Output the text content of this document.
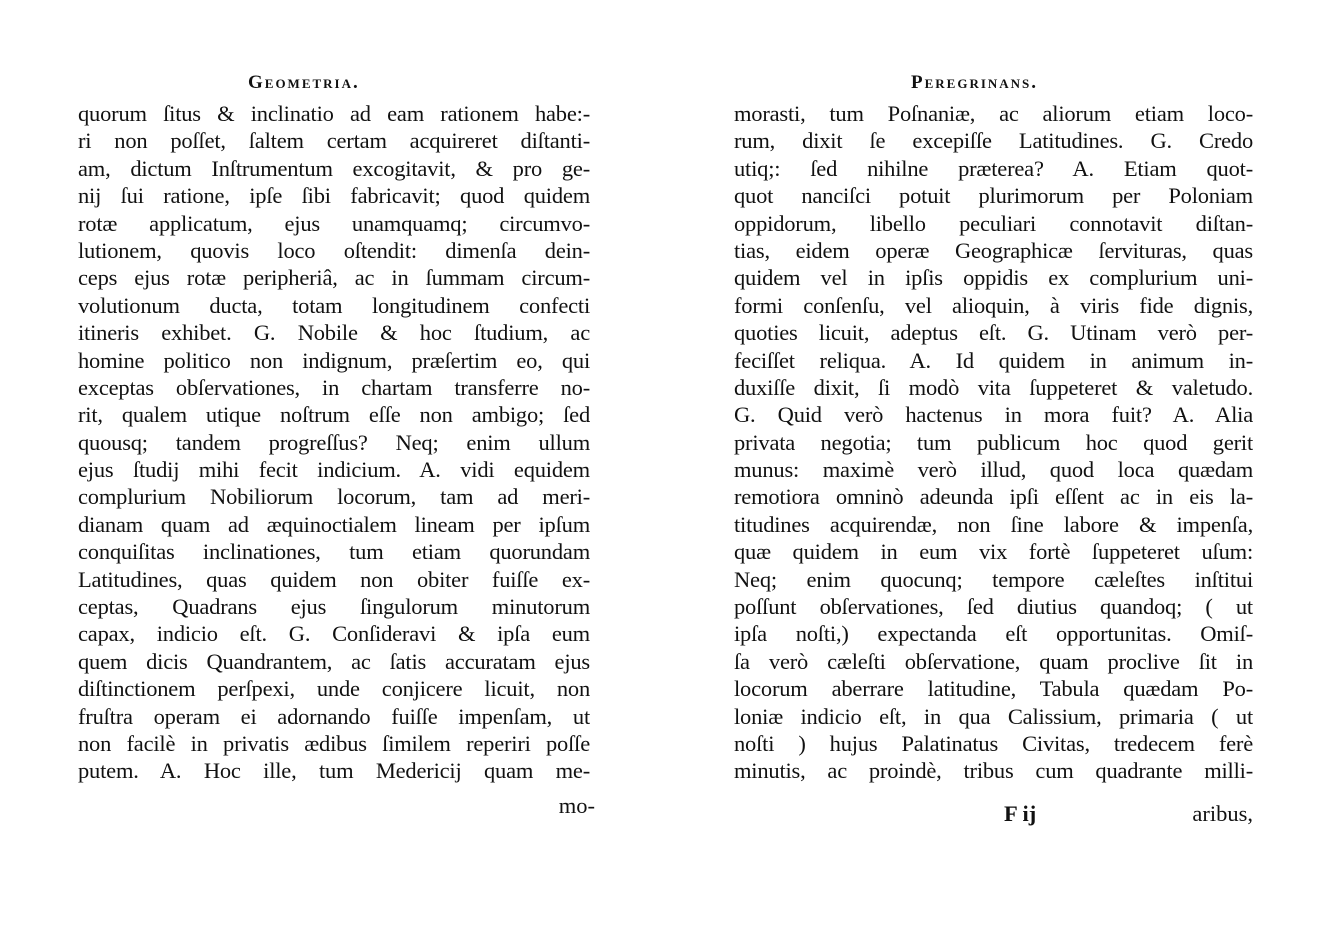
Geometria.
quorum ſitus & inclinatio ad eam rationem habe:-
ri non poſſet, ſaltem certam acquireret diſtanti-
am, dictum Inſtrumentum excogitavit, & pro ge-
nij ſui ratione, ipſe ſibi fabricavit; quod quidem
rotæ applicatum, ejus unamquamq; circumvo-
lutionem, quovis loco oſtendit: dimenſa dein-
ceps ejus rotæ peripheriâ, ac in ſummam circum-
volutionum ducta, totam longitudinem confecti
itineris exhibet. G. Nobile & hoc ſtudium, ac
homine politico non indignum, præſertim eo, qui
exceptas obſervationes, in chartam transferre no-
rit, qualem utique noſtrum eſſe non ambigo; ſed
quousq; tandem progreſſus? Neq; enim ullum
ejus ſtudij mihi fecit indicium. A. vidi equidem
complurium Nobiliorum locorum, tam ad meri-
dianam quam ad æquinoctialem lineam per ipſum
conquiſitas inclinationes, tum etiam quorundam
Latitudines, quas quidem non obiter fuiſſe ex-
ceptas, Quadrans ejus ſingulorum minutorum
capax, indicio eſt. G. Conſideravi & ipſa eum
quem dicis Quandrantem, ac ſatis accuratam ejus
diſtinctionem perſpexi, unde conjicere licuit, non
fruſtra operam ei adornando fuiſſe impenſam, ut
non facilè in privatis ædibus ſimilem reperiri poſſe
putem. A. Hoc ille, tum Medericij quam me-
mo-
Peregrinans.
morasti, tum Poſnaniæ, ac aliorum etiam loco-
rum, dixit ſe excepiſſe Latitudines. G. Credo
utiq;: ſed nihilne præterea? A. Etiam quot-
quot nanciſci potuit plurimorum per Poloniam
oppidorum, libello peculiari connotavit diſtan-
tias, eidem operæ Geographicæ ſervituras, quas
quidem vel in ipſis oppidis ex complurium uni-
formi conſenſu, vel alioquin, à viris fide dignis,
quoties licuit, adeptus eſt. G. Utinam verò per-
feciſſet reliqua. A. Id quidem in animum in-
duxiſſe dixit, ſi modò vita ſuppeteret & valetudo.
G. Quid verò hactenus in mora fuit? A. Alia
privata negotia; tum publicum hoc quod gerit
munus: maximè verò illud, quod loca quædam
remotiora omninò adeunda ipſi eſſent ac in eis la-
titudines acquirendæ, non ſine labore & impenſa,
quæ quidem in eum vix fortè ſuppeteret uſum:
Neq; enim quocunq; tempore cæleſtes inſtitui
poſſunt obſervationes, ſed diutius quandoq; ( ut
ipſa noſti,) expectanda eſt opportunitas. Omiſ-
ſa verò cæleſti obſervatione, quam proclive ſit in
locorum aberrare latitudine, Tabula quædam Po-
loniæ indicio eſt, in qua Calissium, primaria ( ut
noſti ) hujus Palatinatus Civitas, tredecem ferè
minutis, ac proindè, tribus cum quadrante milli-
F ij	aribus,
